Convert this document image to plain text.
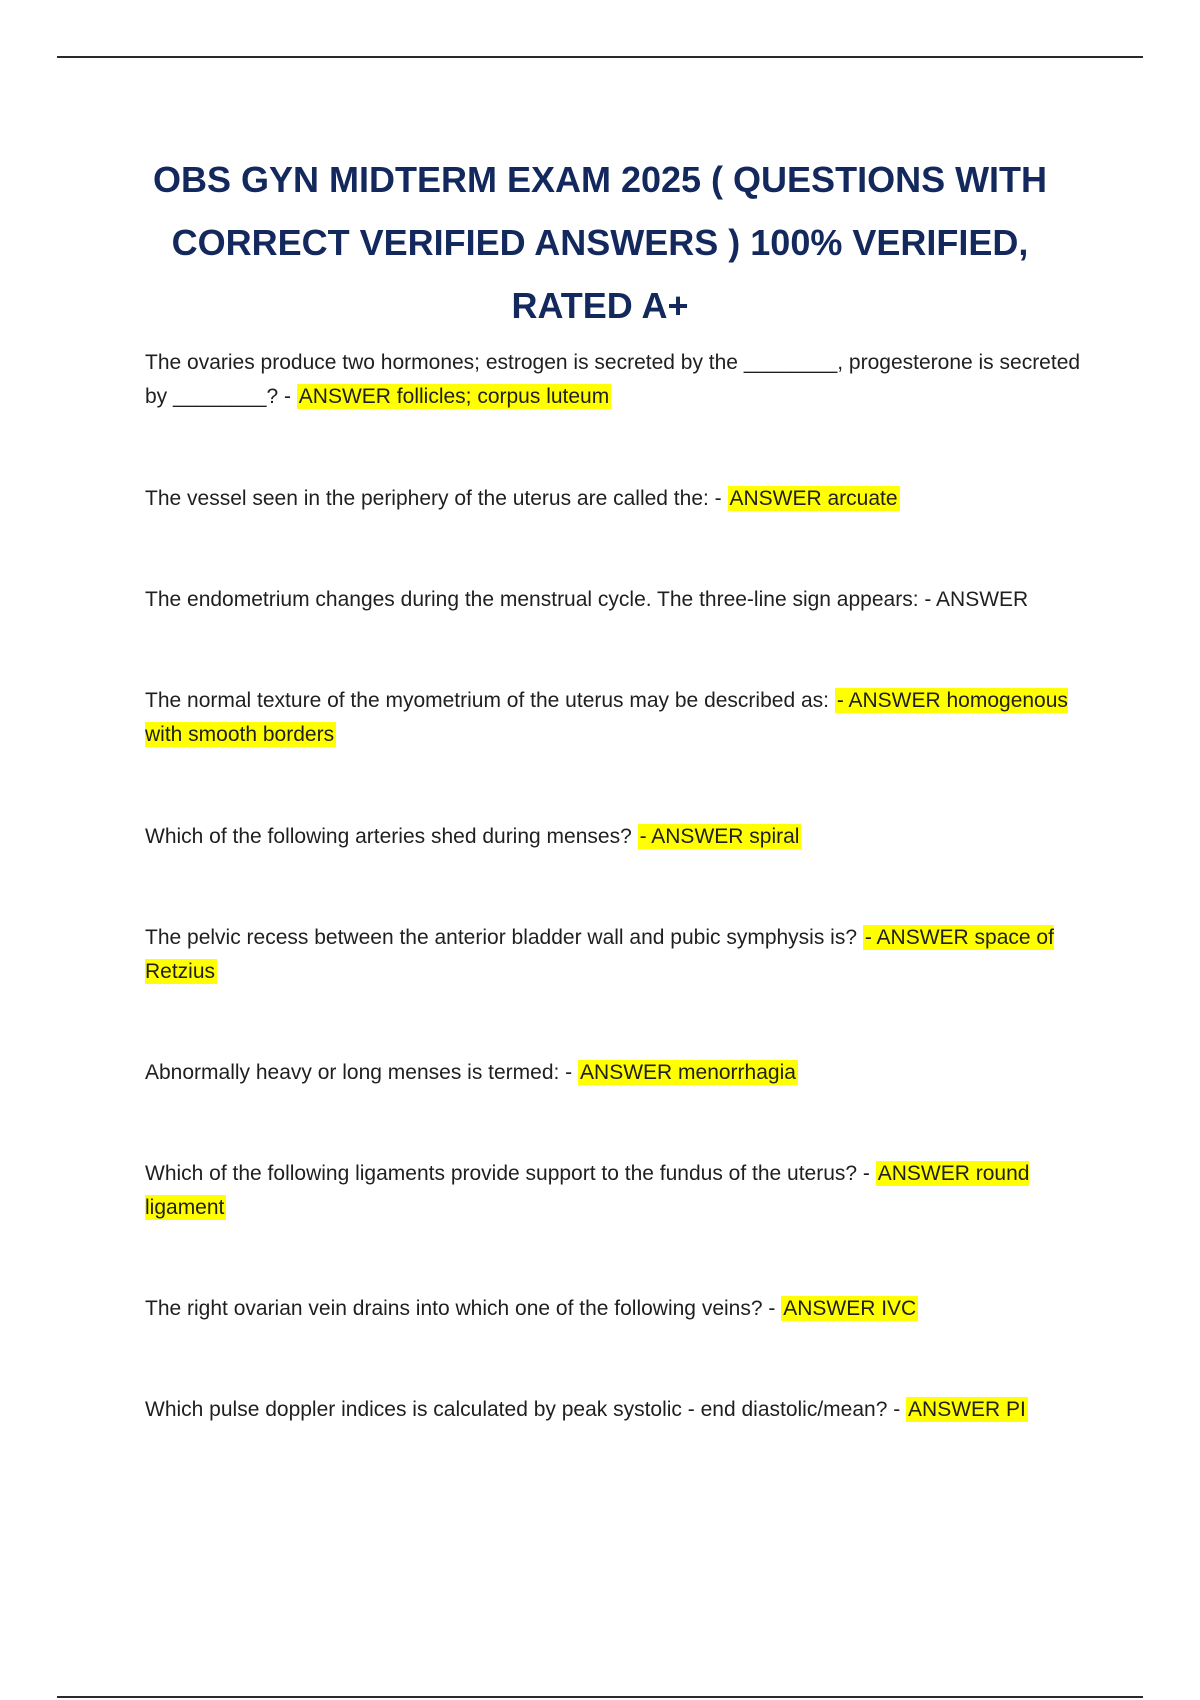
OBS GYN MIDTERM EXAM 2025 ( QUESTIONS WITH CORRECT VERIFIED ANSWERS ) 100% VERIFIED, RATED A+

The ovaries produce two hormones; estrogen is secreted by the ________, progesterone is secreted by ________? - ANSWER follicles; corpus luteum

The vessel seen in the periphery of the uterus are called the: - ANSWER arcuate

The endometrium changes during the menstrual cycle. The three-line sign appears: - ANSWER

The normal texture of the myometrium of the uterus may be described as: - ANSWER homogenous with smooth borders

Which of the following arteries shed during menses? - ANSWER spiral

The pelvic recess between the anterior bladder wall and pubic symphysis is? - ANSWER space of Retzius

Abnormally heavy or long menses is termed: - ANSWER menorrhagia

Which of the following ligaments provide support to the fundus of the uterus? - ANSWER round ligament

The right ovarian vein drains into which one of the following veins? - ANSWER IVC

Which pulse doppler indices is calculated by peak systolic - end diastolic/mean? - ANSWER PI
